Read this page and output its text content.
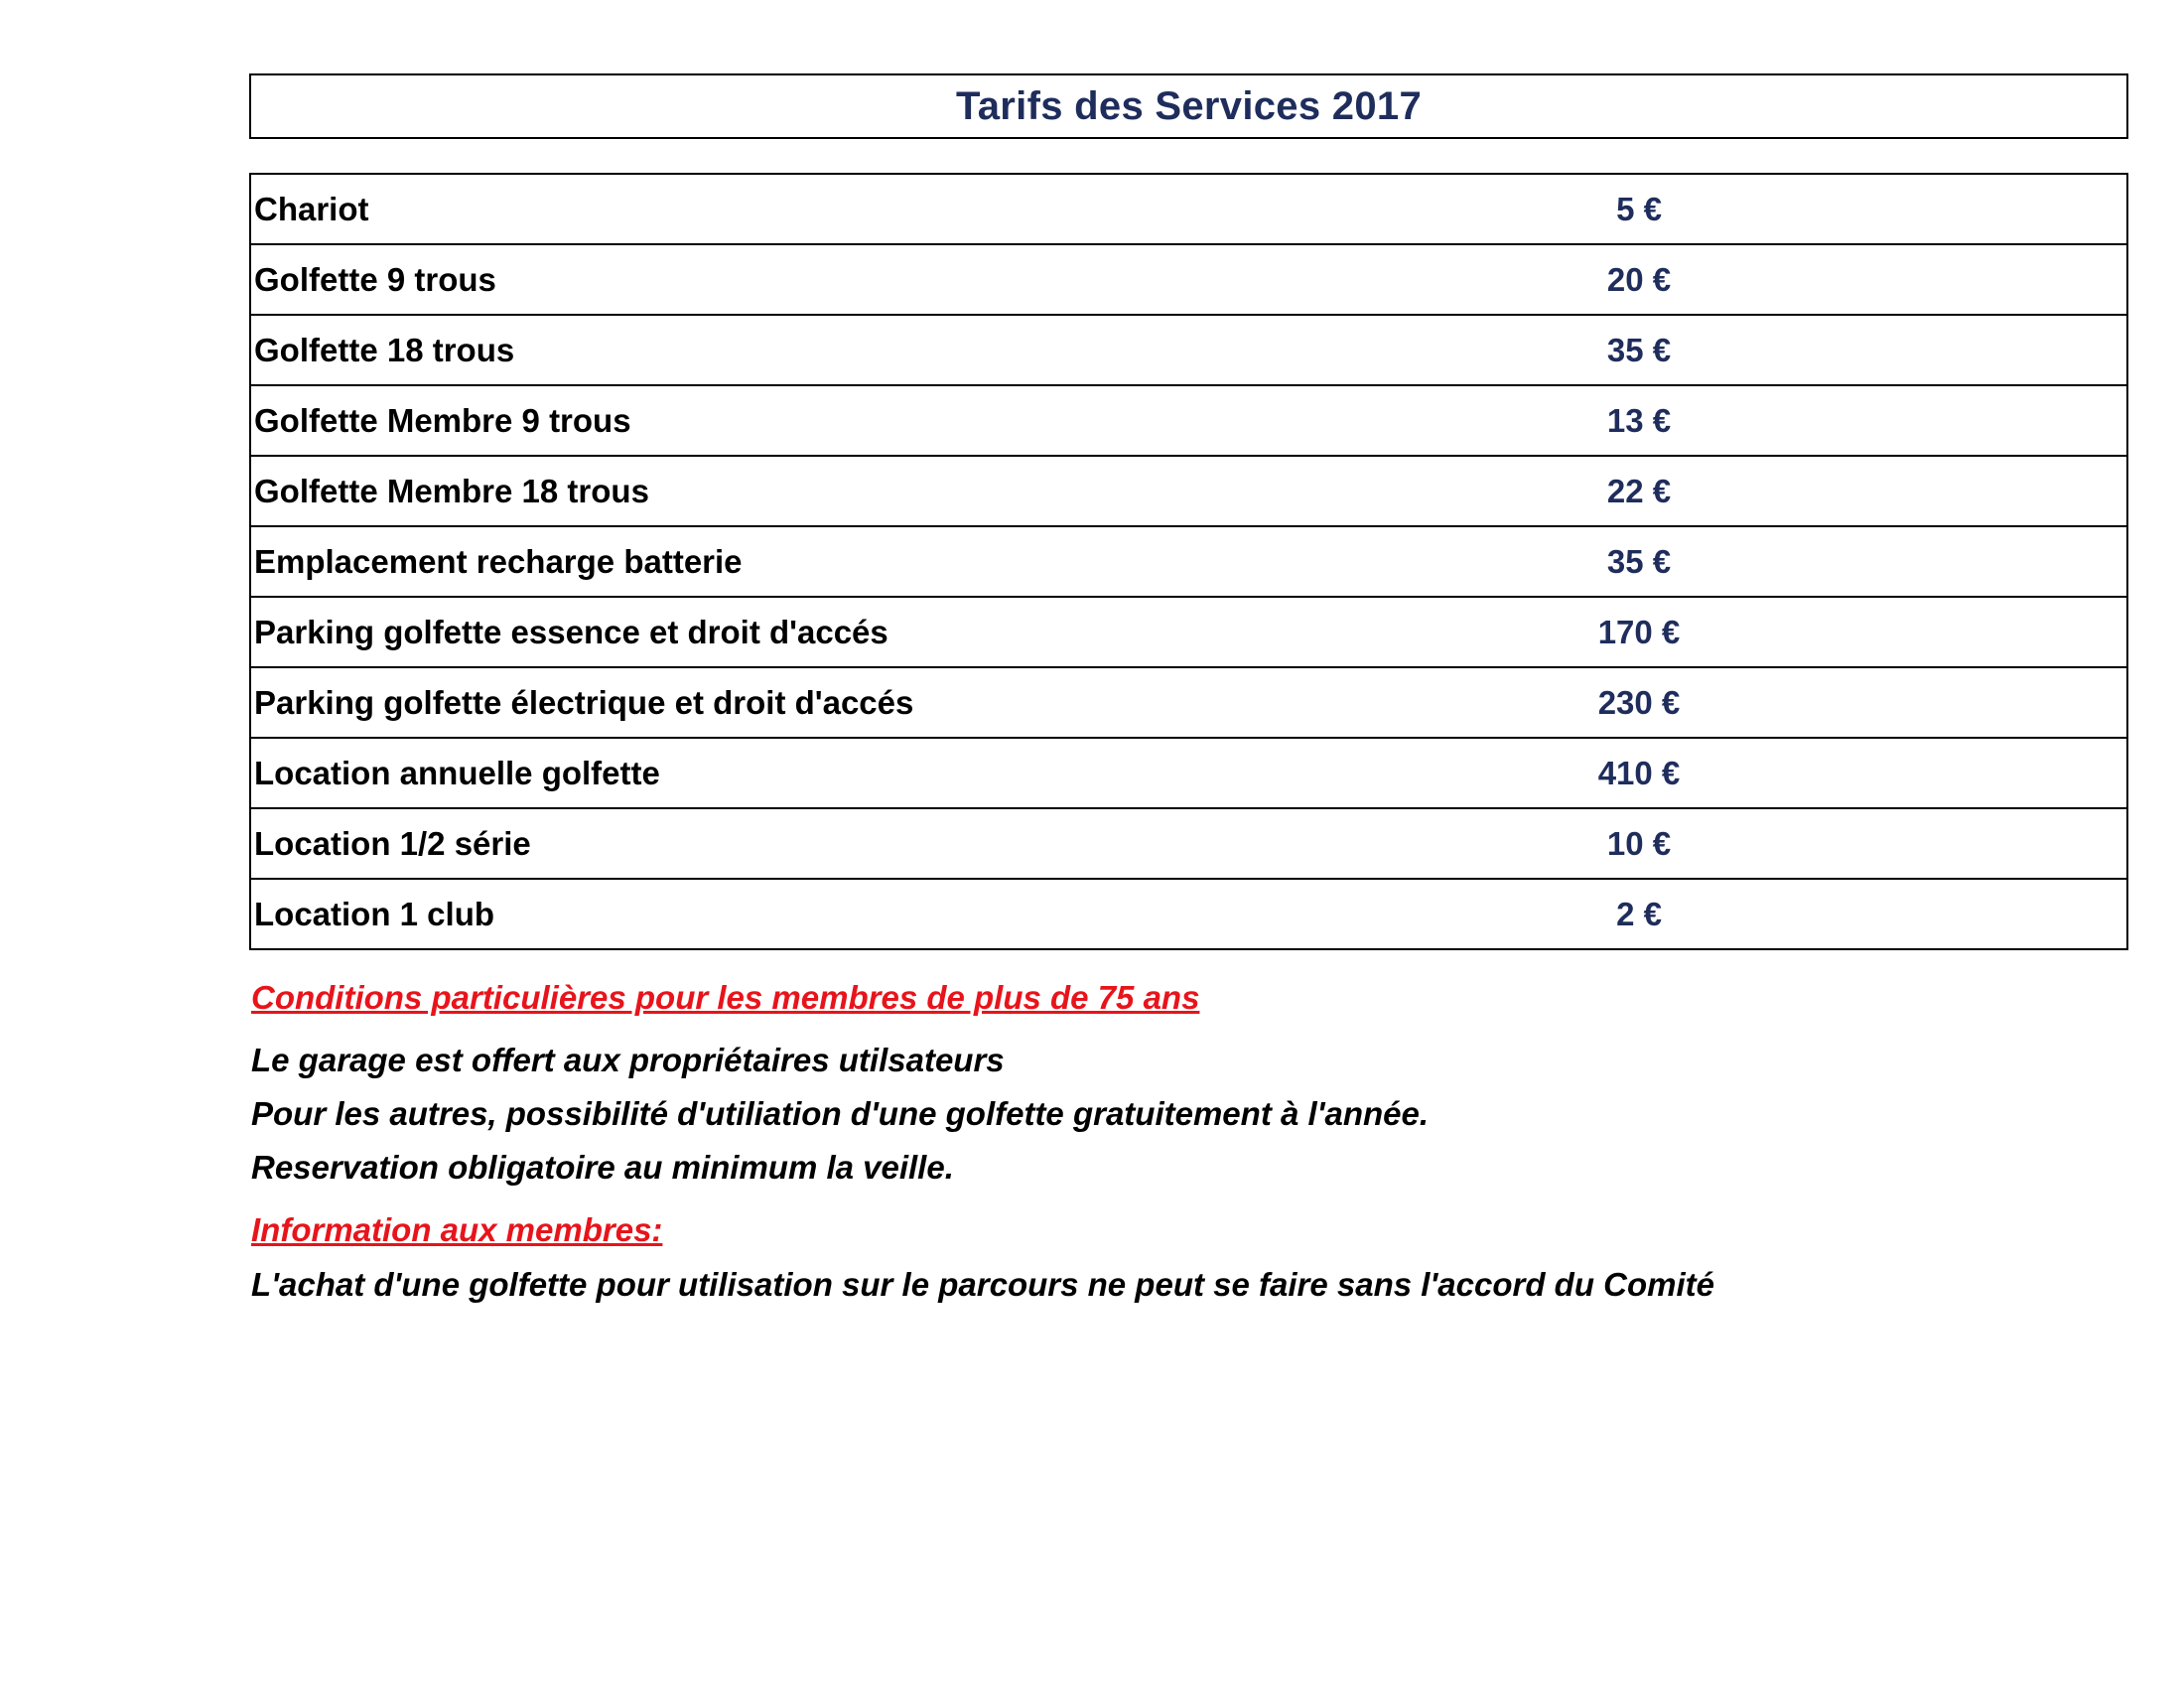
Tarifs des Services 2017
Chariot	5 €
Golfette 9 trous	20 €
Golfette 18 trous	35 €
Golfette Membre 9 trous	13 €
Golfette Membre 18 trous	22 €
Emplacement recharge batterie	35 €
Parking golfette essence et droit d'accés	170 €
Parking golfette électrique et droit d'accés	230 €
Location annuelle golfette	410 €
Location 1/2 série	10 €
Location 1 club	2 €
Conditions particulières pour les membres de plus de 75 ans
Le garage est offert aux propriétaires utilsateurs
Pour les autres, possibilité d'utiliation d'une golfette gratuitement à l'année.
Reservation obligatoire au minimum la veille.
Information aux membres:
L'achat d'une golfette pour utilisation sur le parcours ne peut se faire sans l'accord du Comité
